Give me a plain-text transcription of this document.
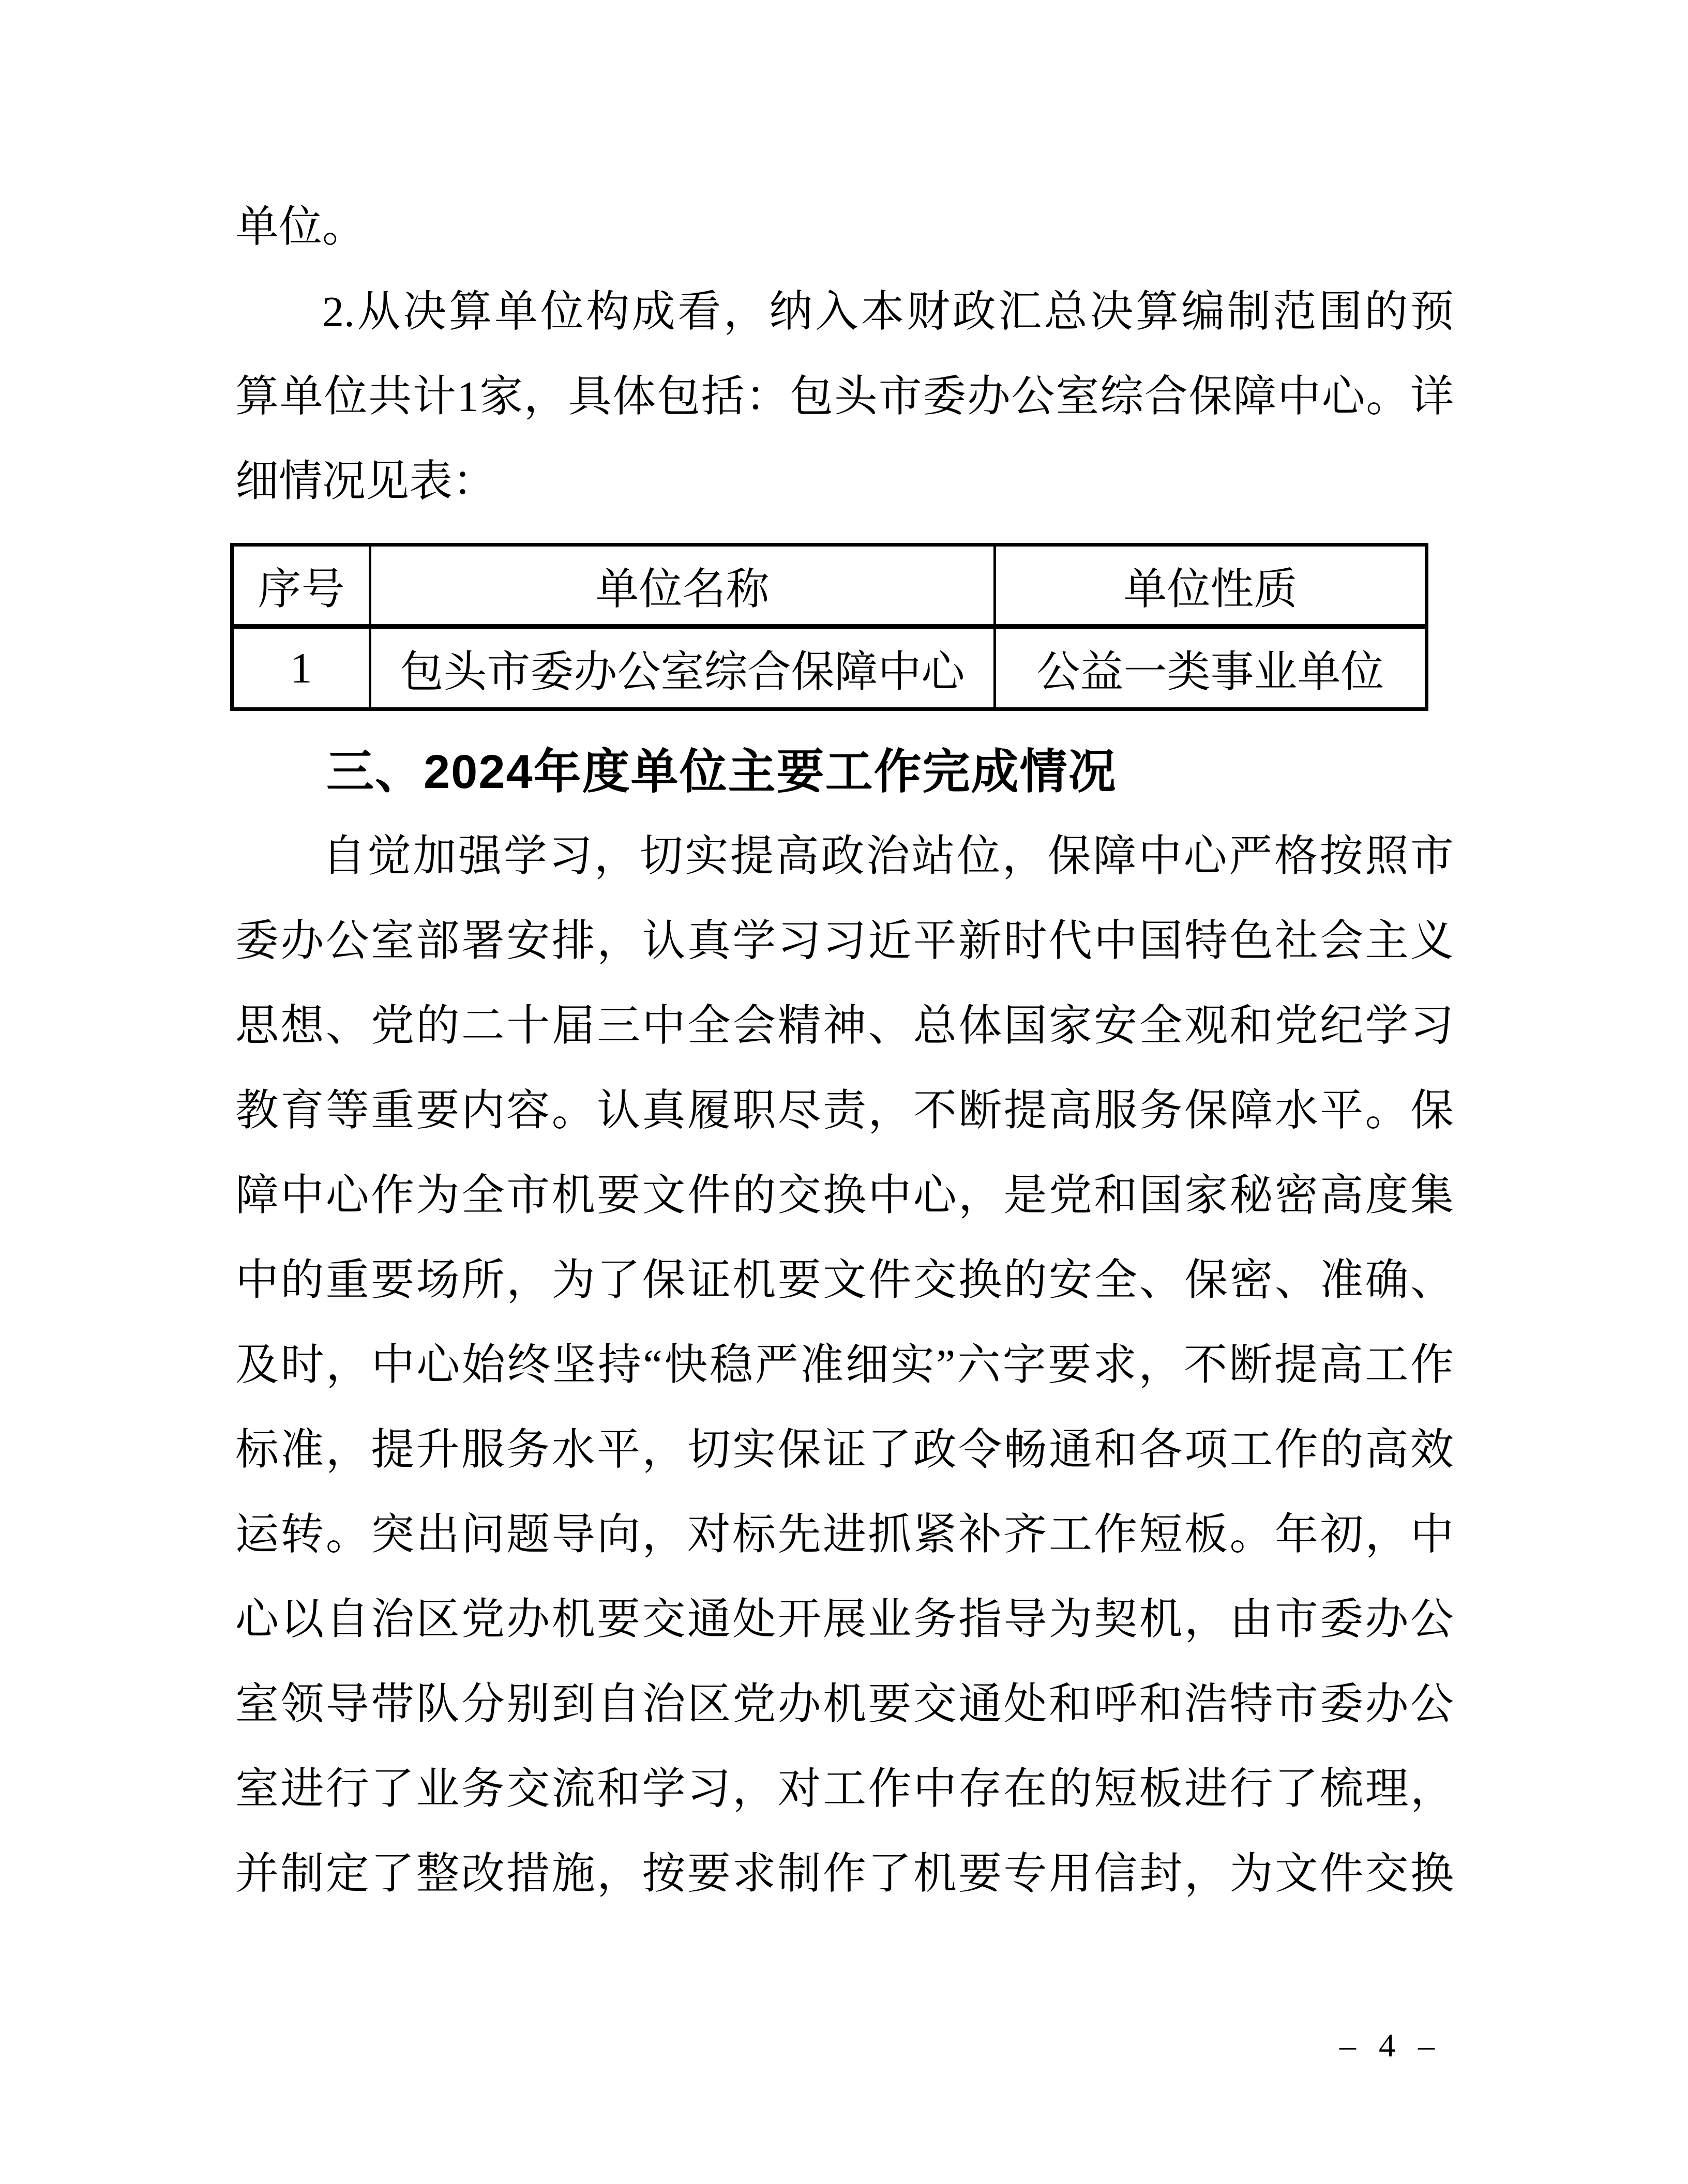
单位。
2.从决算单位构成看，纳入本财政汇总决算编制范围的预
算单位共计1家，具体包括：包头市委办公室综合保障中心。详
细情况见表：
序号	单位名称	单位性质
1	包头市委办公室综合保障中心	公益一类事业单位
三、2024年度单位主要工作完成情况
自觉加强学习，切实提高政治站位，保障中心严格按照市
委办公室部署安排，认真学习习近平新时代中国特色社会主义
思想、党的二十届三中全会精神、总体国家安全观和党纪学习
教育等重要内容。认真履职尽责，不断提高服务保障水平。保
障中心作为全市机要文件的交换中心，是党和国家秘密高度集
中的重要场所，为了保证机要文件交换的安全、保密、准确、
及时，中心始终坚持“快稳严准细实”六字要求，不断提高工作
标准，提升服务水平，切实保证了政令畅通和各项工作的高效
运转。突出问题导向，对标先进抓紧补齐工作短板。年初，中
心以自治区党办机要交通处开展业务指导为契机，由市委办公
室领导带队分别到自治区党办机要交通处和呼和浩特市委办公
室进行了业务交流和学习，对工作中存在的短板进行了梳理，
并制定了整改措施，按要求制作了机要专用信封，为文件交换
– 4 –
